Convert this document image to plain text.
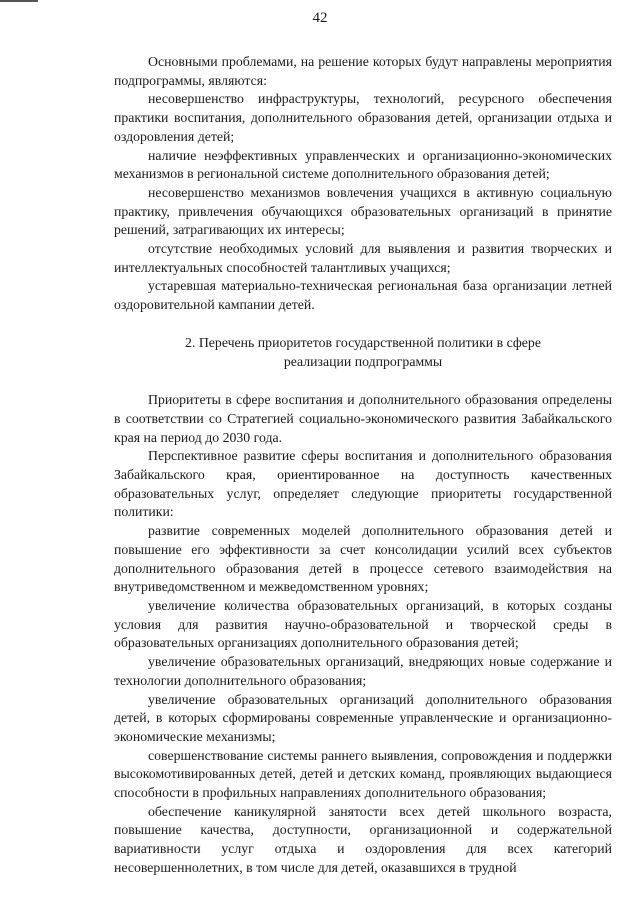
42

Основными проблемами, на решение которых будут направлены мероприятия подпрограммы, являются:

несовершенство инфраструктуры, технологий, ресурсного обеспечения практики воспитания, дополнительного образования детей, организации отдыха и оздоровления детей;

наличие неэффективных управленческих и организационно-экономических механизмов в региональной системе дополнительного образования детей;

несовершенство механизмов вовлечения учащихся в активную социальную практику, привлечения обучающихся образовательных организаций в принятие решений, затрагивающих их интересы;

отсутствие необходимых условий для выявления и развития творческих и интеллектуальных способностей талантливых учащихся;

устаревшая материально-техническая региональная база организации летней оздоровительной кампании детей.

2. Перечень приоритетов государственной политики в сфере

реализации подпрограммы

Приоритеты в сфере воспитания и дополнительного образования определены в соответствии со Стратегией социально-экономического развития Забайкальского края на период до 2030 года.

Перспективное развитие сферы воспитания и дополнительного образования Забайкальского края, ориентированное на доступность качественных образовательных услуг, определяет следующие приоритеты государственной политики:

развитие современных моделей дополнительного образования детей и повышение его эффективности за счет консолидации усилий всех субъектов дополнительного образования детей в процессе сетевого взаимодействия на внутриведомственном и межведомственном уровнях;

увеличение количества образовательных организаций, в которых созданы условия для развития научно-образовательной и творческой среды в образовательных организациях дополнительного образования детей;

увеличение образовательных организаций, внедряющих новые содержание и технологии дополнительного образования;

увеличение образовательных организаций дополнительного образования детей, в которых сформированы современные управленческие и организационно-экономические механизмы;

совершенствование системы раннего выявления, сопровождения и поддержки высокомотивированных детей, детей и детских команд, проявляющих выдающиеся способности в профильных направлениях дополнительного образования;

обеспечение каникулярной занятости всех детей школьного возраста, повышение качества, доступности, организационной и содержательной вариативности услуг отдыха и оздоровления для всех категорий несовершеннолетних, в том числе для детей, оказавшихся в трудной
